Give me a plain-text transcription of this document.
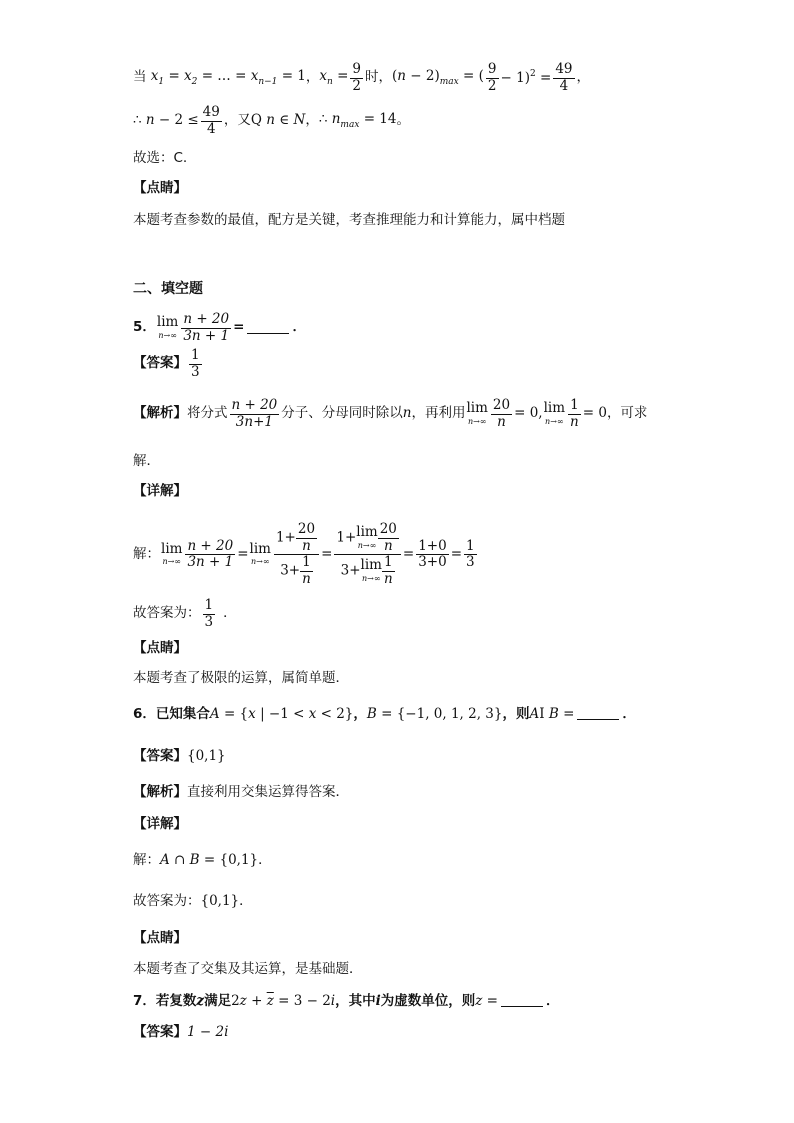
当 $x_1 = x_2$ = … = $x_{n-1} = 1$ ， $x_n = \frac{9}{2}$ 时， $(n - 2)_{max}$ = ( $\frac{9}{2} - 1)^2 = \frac{49}{4}$ ，
∴ $n - 2 \le \frac{49}{4}$ ， 又 Q n ∈ N ， ∴ $n_{max} = 14$ 。
故选：C.
【点睛】
本题考查参数的最值，配方是关键，考查推理能力和计算能力，属中档题
二、填空题
5． lim
$n\to\infty \frac{n + 20}{3n + 1}$ =	．
【答案】 $\frac{1}{3}$
【解析】 将分式 $\frac{n + 20}{3n+1}$ 分子、分母同时除以 n ，再利用 lim
$n\to\infty \frac{20}{n} = 0$, lim
$n\to\infty \frac{1}{n} = 0$ ，可求
解．
【详解】
解： lim
$n\to\infty \frac{n + 20}{3n + 1} = \lim$
$n\to\infty \frac{1+ \frac{20}{n}}{3+ \frac{1}{n}} = 1+ \lim$
$n\to\infty \frac{20}{n}$
3+ lim
$n\to\infty \frac{1}{n} = \frac{1+0}{3+0} = \frac{1}{3}$
故答案为： $\frac{1}{3}$ ．
【点睛】
本题考查了极限的运算，属简单题．
6．已知集合 A = {x | −1 < x < 2} ， B = {−1, 0, 1, 2, 3} ，则 AI B =	．
【答案】 {0,1}
【解析】 直接利用交集运算得答案．
【详解】
解： A ∩ B = {0,1} ．
故答案为： {0,1} ．
【点睛】
本题考查了交集及其运算，是基础题．
7．若复数 z 满足 $2z + \overline{z} = 3 - 2i$ ，其中 i 为虚数单位，则 z =	．
【答案】 1 − 2i
